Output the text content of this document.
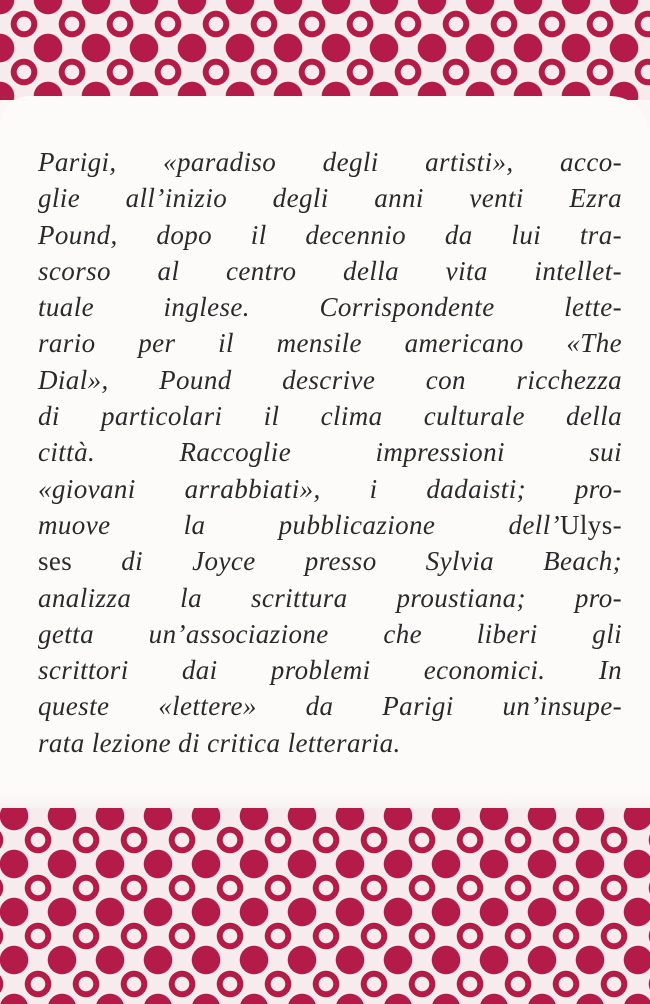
Parigi, «paradiso degli artisti», acco-
glie all’inizio degli anni venti Ezra
Pound, dopo il decennio da lui tra-
scorso al centro della vita intellet-
tuale inglese. Corrispondente lette-
rario per il mensile americano «The
Dial», Pound descrive con ricchezza
di particolari il clima culturale della
città. Raccoglie impressioni sui
«giovani arrabbiati», i dadaisti; pro-
muove la pubblicazione dell’Ulys-
ses di Joyce presso Sylvia Beach;
analizza la scrittura proustiana; pro-
getta un’associazione che liberi gli
scrittori dai problemi economici. In
queste «lettere» da Parigi un’insupe-
rata lezione di critica letteraria.
